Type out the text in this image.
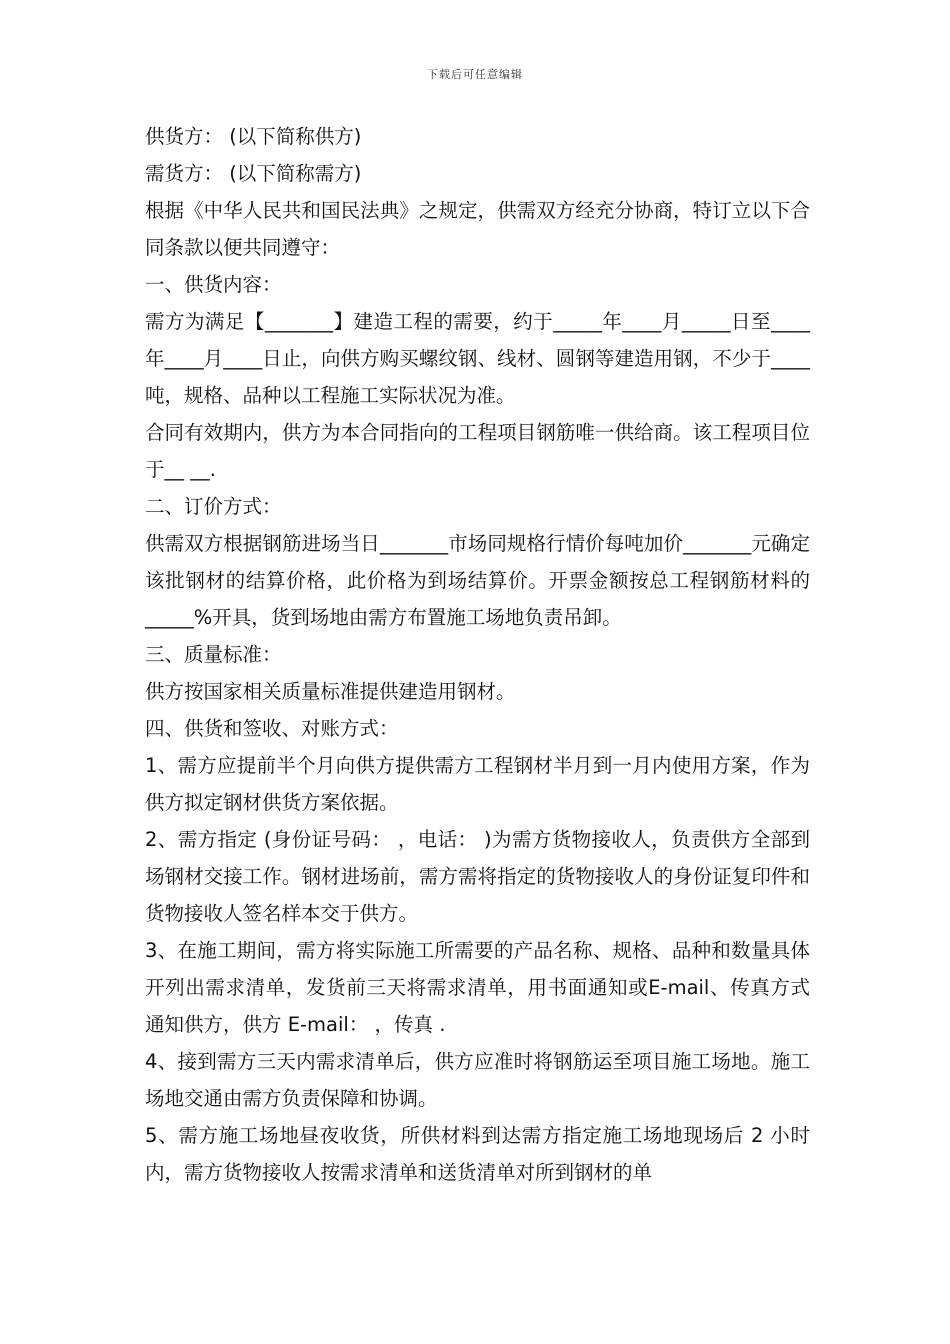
下载后可任意编辑

供货方： (以下简称供方)

需货方： (以下简称需方)

根据《中华人民共和国民法典》之规定，供需双方经充分协商，特订立以下合同条款以便共同遵守：

一、供货内容：

需方为满足【_______】建造工程的需要，约于_____年____月_____日至____年____月____日止，向供方购买螺纹钢、线材、圆钢等建造用钢，不少于____吨，规格、品种以工程施工实际状况为准。

合同有效期内，供方为本合同指向的工程项目钢筋唯一供给商。该工程项目位于__ __.

二、订价方式：

供需双方根据钢筋进场当日_______市场同规格行情价每吨加价_______元确定该批钢材的结算价格，此价格为到场结算价。开票金额按总工程钢筋材料的_____%开具，货到场地由需方布置施工场地负责吊卸。

三、质量标准：

供方按国家相关质量标准提供建造用钢材。

四、供货和签收、对账方式：

1、需方应提前半个月向供方提供需方工程钢材半月到一月内使用方案，作为供方拟定钢材供货方案依据。

2、需方指定 (身份证号码： ，电话： )为需方货物接收人，负责供方全部到场钢材交接工作。钢材进场前，需方需将指定的货物接收人的身份证复印件和货物接收人签名样本交于供方。

3、在施工期间，需方将实际施工所需要的产品名称、规格、品种和数量具体开列出需求清单，发货前三天将需求清单，用书面通知或E-mail、传真方式通知供方，供方 E-mail： ，传真 .

4、接到需方三天内需求清单后，供方应准时将钢筋运至项目施工场地。施工场地交通由需方负责保障和协调。

5、需方施工场地昼夜收货，所供材料到达需方指定施工场地现场后 2 小时内，需方货物接收人按需求清单和送货清单对所到钢材的单
